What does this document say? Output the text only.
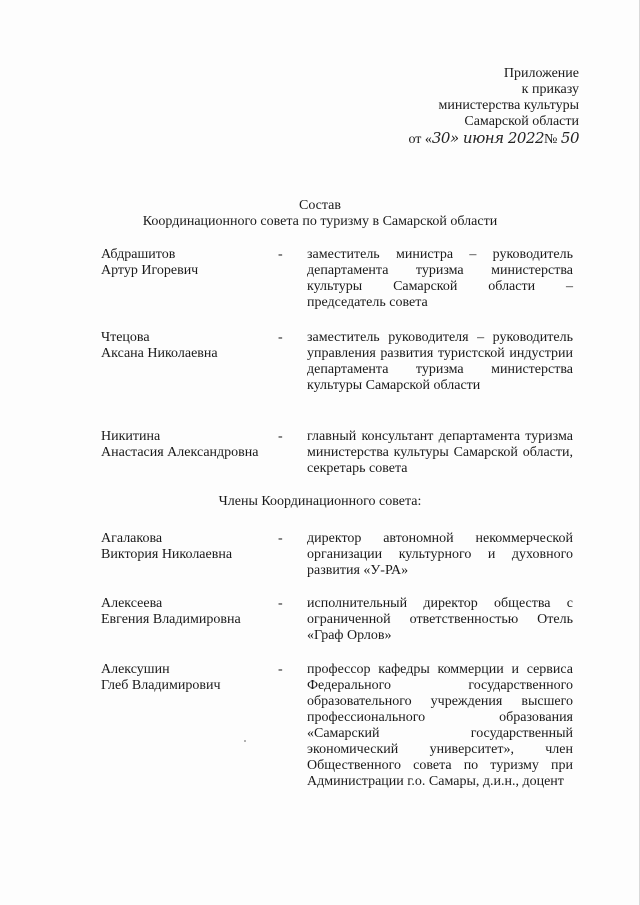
Приложение
к приказу
министерства культуры
Самарской области
от «30» июня 2022№ 50
Состав
Координационного совета по туризму в Самарской области
Абдрашитов
Артур Игоревич
- заместитель министра – руководитель департамента туризма министерства культуры Самарской области – председатель совета
Чтецова
Аксана Николаевна
- заместитель руководителя – руководитель управления развития туристской индустрии департамента туризма министерства культуры Самарской области
Никитина
Анастасия Александровна
- главный консультант департамента туризма министерства культуры Самарской области, секретарь совета
Члены Координационного совета:
Агалакова
Виктория Николаевна
- директор автономной некоммерческой организации культурного и духовного развития «У-РА»
Алексеева
Евгения Владимировна
- исполнительный директор общества с ограниченной ответственностью Отель «Граф Орлов»
Алексушин
Глеб Владимирович
- профессор кафедры коммерции и сервиса Федерального государственного образовательного учреждения высшего профессионального образования «Самарский государственный экономический университет», член Общественного совета по туризму при Администрации г.о. Самары, д.и.н., доцент
